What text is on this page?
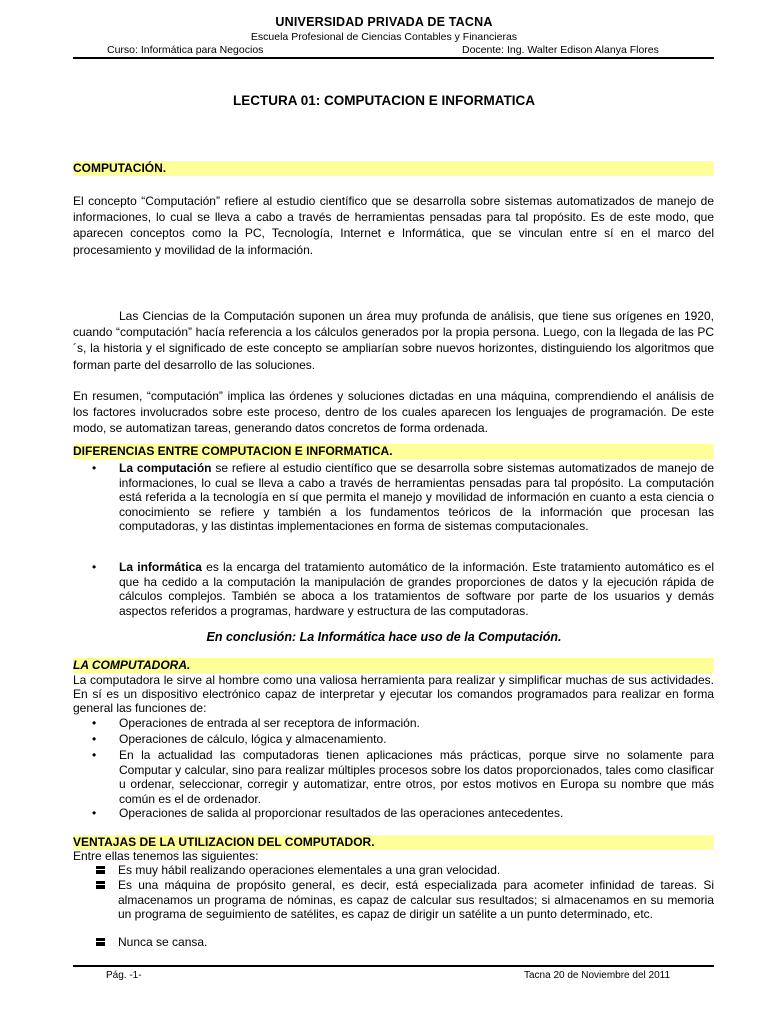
UNIVERSIDAD PRIVADA DE TACNA
Escuela Profesional de Ciencias Contables y Financieras
Curso: Informática para Negocios	Docente: Ing. Walter Edison Alanya Flores
LECTURA 01: COMPUTACION E INFORMATICA
COMPUTACIÓN.

El concepto “Computación” refiere al estudio científico que se desarrolla sobre sistemas automatizados de manejo de informaciones, lo cual se lleva a cabo a través de herramientas pensadas para tal propósito. Es de este modo, que aparecen conceptos como la PC, Tecnología, Internet e Informática, que se vinculan entre sí en el marco del procesamiento y movilidad de la información.

Las Ciencias de la Computación suponen un área muy profunda de análisis, que tiene sus orígenes en 1920, cuando “computación” hacía referencia a los cálculos generados por la propia persona. Luego, con la llegada de las PC´s, la historia y el significado de este concepto se ampliarían sobre nuevos horizontes, distinguiendo los algoritmos que forman parte del desarrollo de las soluciones.

En resumen, “computación” implica las órdenes y soluciones dictadas en una máquina, comprendiendo el análisis de los factores involucrados sobre este proceso, dentro de los cuales aparecen los lenguajes de programación. De este modo, se automatizan tareas, generando datos concretos de forma ordenada.

DIFERENCIAS ENTRE COMPUTACION E INFORMATICA.
•	La computación se refiere al estudio científico que se desarrolla sobre sistemas automatizados de manejo de informaciones, lo cual se lleva a cabo a través de herramientas pensadas para tal propósito. La computación está referida a la tecnología en sí que permita el manejo y movilidad de información en cuanto a esta ciencia o conocimiento se refiere y también a los fundamentos teóricos de la información que procesan las computadoras, y las distintas implementaciones en forma de sistemas computacionales.
•	La informática es la encarga del tratamiento automático de la información. Este tratamiento automático es el que ha cedido a la computación la manipulación de grandes proporciones de datos y la ejecución rápida de cálculos complejos. También se aboca a los tratamientos de software por parte de los usuarios y demás aspectos referidos a programas, hardware y estructura de las computadoras.
En conclusión: La Informática hace uso de la Computación.
LA COMPUTADORA.

La computadora le sirve al hombre como una valiosa herramienta para realizar y simplificar muchas de sus actividades. En sí es un dispositivo electrónico capaz de interpretar y ejecutar los comandos programados para realizar en forma general las funciones de:

•	Operaciones de entrada al ser receptora de información.
•	Operaciones de cálculo, lógica y almacenamiento.
•	En la actualidad las computadoras tienen aplicaciones más prácticas, porque sirve no solamente para Computar y calcular, sino para realizar múltiples procesos sobre los datos proporcionados, tales como clasificar u ordenar, seleccionar, corregir y automatizar, entre otros, por estos motivos en Europa su nombre que más común es el de ordenador.
•	Operaciones de salida al proporcionar resultados de las operaciones antecedentes.
VENTAJAS DE LA UTILIZACION DEL COMPUTADOR.

Entre ellas tenemos las siguientes:

Es muy hábil realizando operaciones elementales a una gran velocidad.
Es una máquina de propósito general, es decir, está especializada para acometer infinidad de tareas. Si almacenamos un programa de nóminas, es capaz de calcular sus resultados; si almacenamos en su memoria un programa de seguimiento de satélites, es capaz de dirigir un satélite a un punto determinado, etc.
Nunca se cansa.
Pág. -1-	Tacna 20 de Noviembre del 2011
